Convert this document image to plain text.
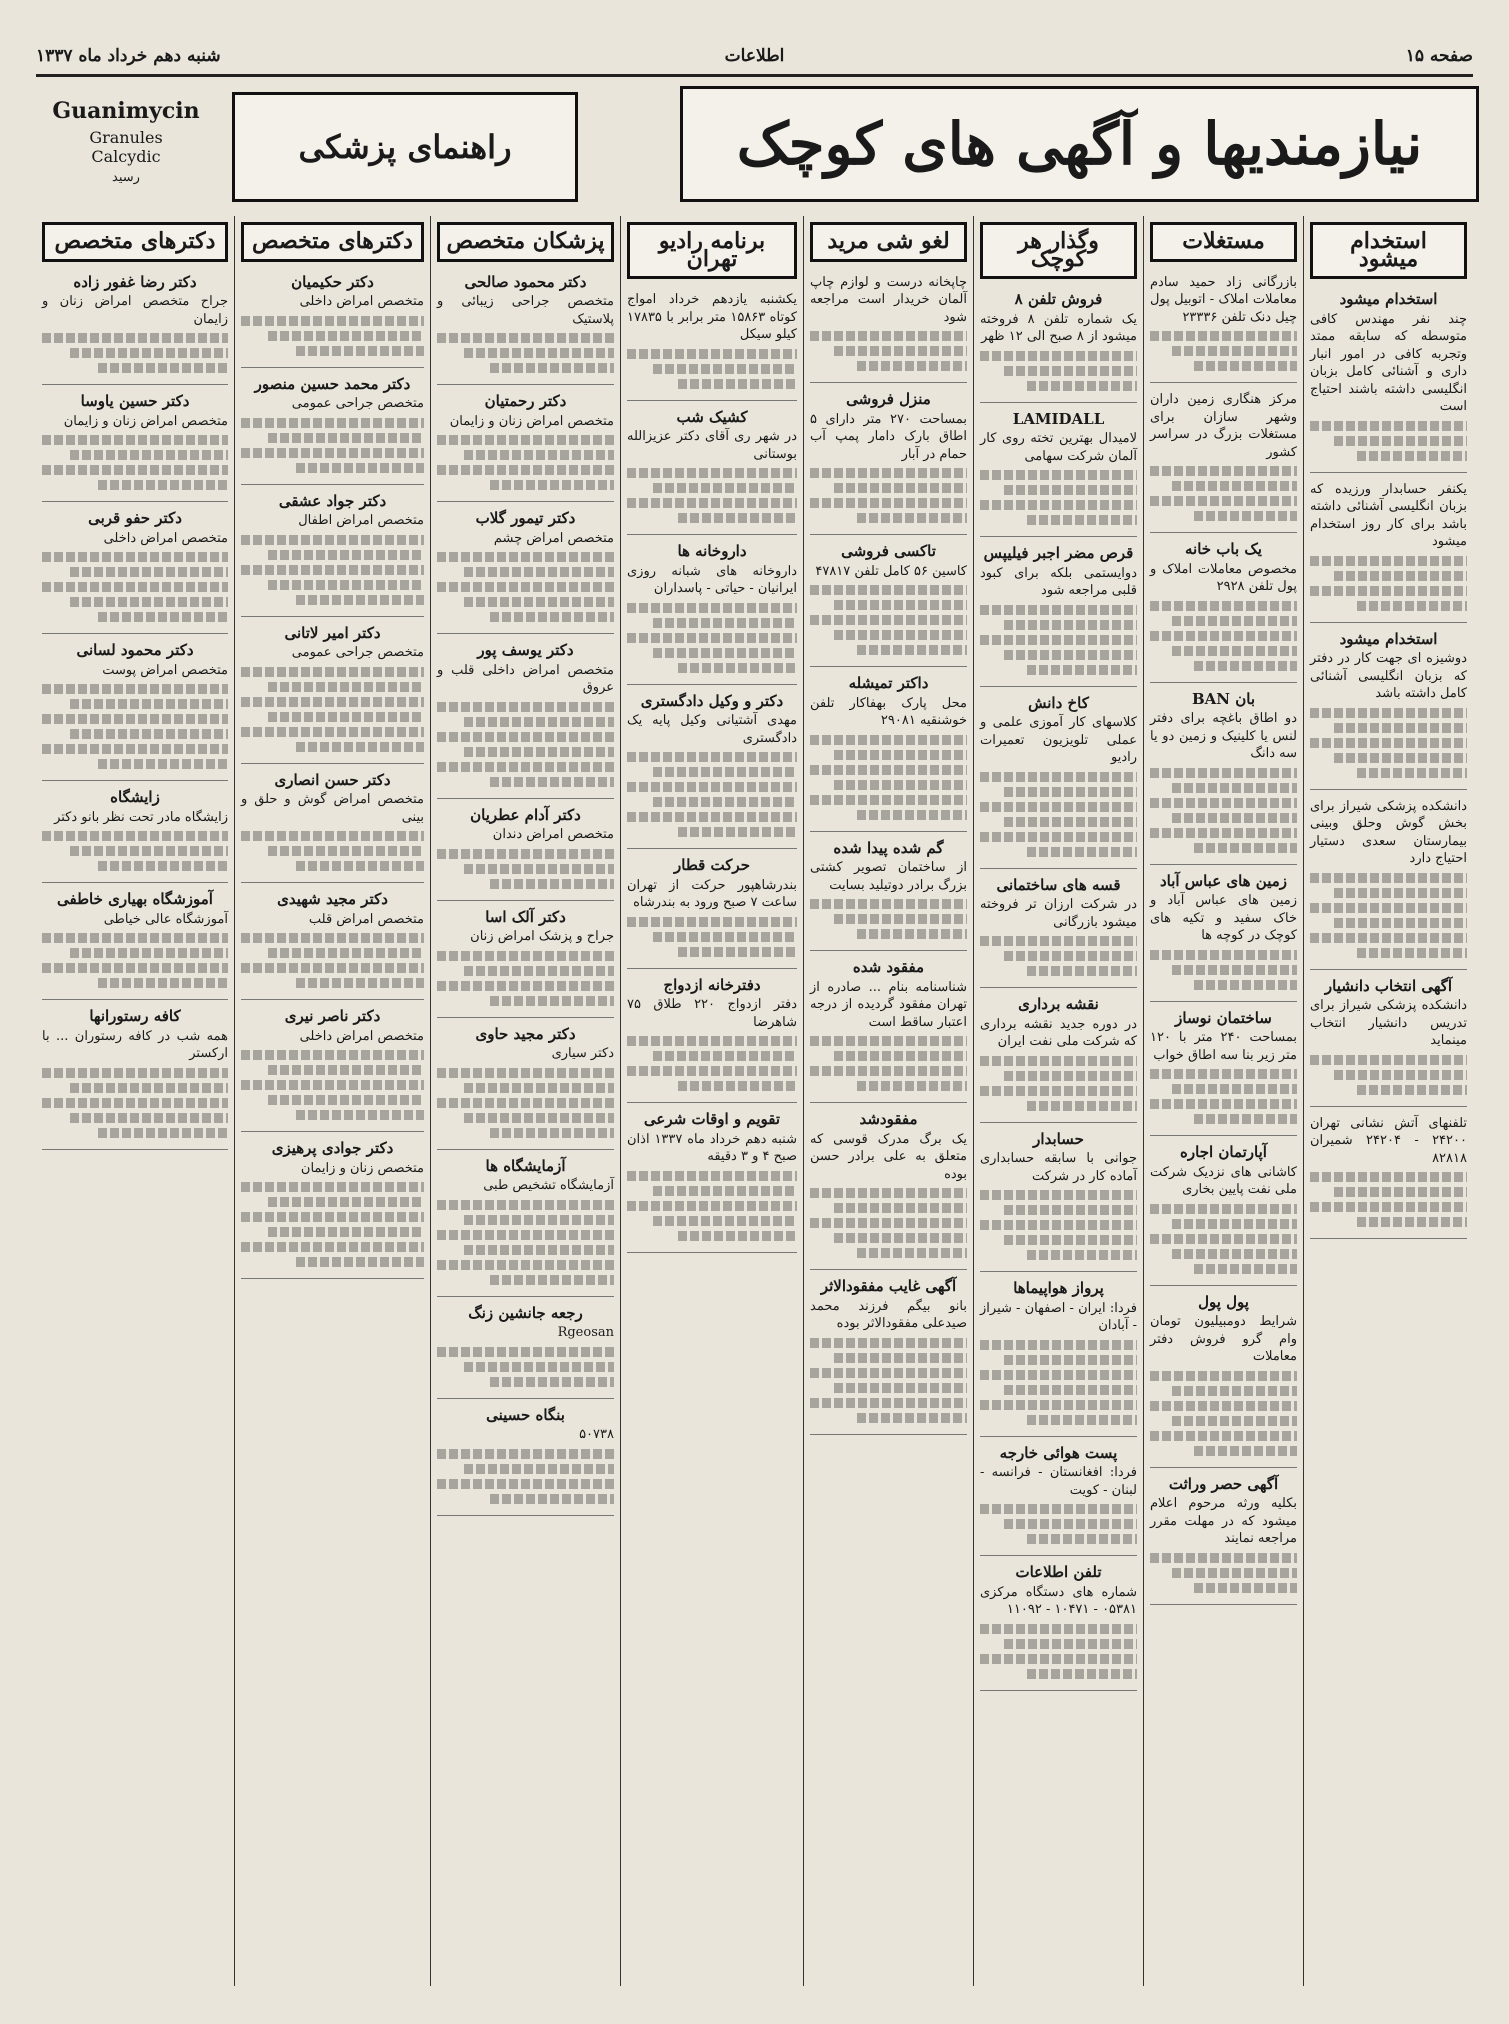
صفحه ۱۵
اطلاعات
شنبه دهم خرداد ماه ۱۳۳۷
نیازمندیها و آگهی های کوچک
راهنمای پزشکی
Guanimycin
Granules
Calcydic
رسید
استخدام میشود
استخدام میشود
چند نفر مهندس کافی متوسطه که سابقه ممتد وتجربه کافی در امور انبار داری و آشنائی کامل بزبان انگلیسی داشته باشند احتیاج است
یکنفر حسابدار ورزیده که بزبان انگلیسی آشنائی داشته باشد برای کار روز استخدام میشود
استخدام میشود
دوشیزه ای جهت کار در دفتر که بزبان انگلیسی آشنائی کامل داشته باشد
دانشکده پزشکی شیراز برای بخش گوش وحلق وبینی بیمارستان سعدی دستیار احتیاج دارد
آگهی انتخاب دانشیار
دانشکده پزشکی شیراز برای تدریس دانشیار انتخاب مینماید
تلفنهای آتش نشانی تهران ۲۴۲۰۰ - ۲۴۲۰۴ شمیران ۸۲۸۱۸
مستغلات
بازرگانی زاد حمید سادم معاملات املاک - اتوبیل پول چیل دنک تلفن ۲۳۳۳۶
مرکز هنگاری زمین داران وشهر سازان برای مستغلات بزرگ در سراسر کشور
یک باب خانه
مخصوص معاملات املاک و پول تلفن ۲۹۲۸
بان BAN
دو اطاق باغچه برای دفتر لنس یا کلینیک و زمین دو یا سه دانگ
زمین های عباس آباد
زمین های عباس آباد و خاک سفید و تکیه های کوچک در کوچه ها
ساختمان نوساز
بمساحت ۲۴۰ متر با ۱۲۰ متر زیر بنا سه اطاق خواب
آپارتمان اجاره
کاشانی های نزدیک شرکت ملی نفت پایین بخاری
پول پول
شرایط دومبیلیون تومان وام گرو فروش دفتر معاملات
آگهی حصر وراثت
بکلیه ورثه مرحوم اعلام میشود که در مهلت مقرر مراجعه نمایند
وگذار هر کوچک
فروش تلفن ۸
یک شماره تلفن ۸ فروخته میشود از ۸ صبح الی ۱۲ ظهر
LAMIDALL
لامیدال بهترین تخته روی کار آلمان شرکت سهامی
قرص مضر اجبر فیلیپس
دوایستمی بلکه برای کبود قلبی مراجعه شود
کاخ دانش
کلاسهای کار آموزی علمی و عملی تلویزیون تعمیرات رادیو
قسه های ساختمانی
در شرکت ارزان تر فروخته میشود بازرگانی
نقشه برداری
در دوره جدید نقشه برداری که شرکت ملی نفت ایران
حسابدار
جوانی با سابقه حسابداری آماده کار در شرکت
پرواز هواپیماها
فردا: ایران - اصفهان - شیراز - آبادان
پست هوائی خارجه
فردا: افغانستان - فرانسه - لبنان - کویت
تلفن اطلاعات
شماره های دستگاه مرکزی ۰۵۳۸۱ - ۱۰۴۷۱ - ۱۱۰۹۲
لغو شی مرید
چاپخانه درست و لوازم چاپ آلمان خریدار است مراجعه شود
منزل فروشی
بمساحت ۲۷۰ متر دارای ۵ اطاق بارک دامار پمپ آب حمام در آبار
تاکسی فروشی
کاسین ۵۶ کامل تلفن ۴۷۸۱۷
داکتر تمیشله
محل پارک بهفاکار تلفن خوشنقیه ۲۹۰۸۱
گم شده پیدا شده
از ساختمان تصویر کشتی بزرگ برادر دوتیلید بسایت
مفقود شده
شناسنامه بنام ... صادره از تهران مفقود گردیده از درجه اعتبار ساقط است
مفقودشد
یک برگ مدرک قوسی که متعلق به علی برادر حسن بوده
آگهی غایب مفقودالاثر
بانو بیگم فرزند محمد صیدعلی مفقودالاثر بوده
برنامه رادیو تهران
یکشنبه یازدهم خرداد امواج کوتاه ۱۵۸۶۳ متر برابر با ۱۷۸۳۵ کیلو سیکل
کشیک شب
در شهر ری آقای دکتر عزیزالله بوستانی
داروخانه ها
داروخانه های شبانه روزی ایرانیان - حیاتی - پاسداران
دکتر و وکیل دادگستری
مهدی آشتیانی وکیل پایه یک دادگستری
حرکت قطار
بندرشاهپور حرکت از تهران ساعت ۷ صبح ورود به بندرشاه
دفترخانه ازدواج
دفتر ازدواج ۲۲۰ طلاق ۷۵ شاهرضا
تقویم و اوقات شرعی
شنبه دهم خرداد ماه ۱۳۳۷ اذان صبح ۴ و ۳ دقیقه
پزشکان متخصص
دکتر محمود صالحی
متخصص جراحی زیبائی و پلاستیک
دکتر رحمتیان
متخصص امراض زنان و زایمان
دکتر تیمور گلاب
متخصص امراض چشم
دکتر یوسف پور
متخصص امراض داخلی قلب و عروق
دکتر آدام عطریان
متخصص امراض دندان
دکتر آلک اسا
جراح و پزشک امراض زنان
دکتر مجید حاوی
دکتر سیاری
آزمایشگاه ها
آزمایشگاه تشخیص طبی
رجعه جانشین زنگ
Rgeosan
بنگاه حسینی
۵۰۷۳۸
دکترهای متخصص
دکتر حکیمیان
متخصص امراض داخلی
دکتر محمد حسین منصور
متخصص جراحی عمومی
دکتر جواد عشقی
متخصص امراض اطفال
دکتر امیر لاتانی
متخصص جراحی عمومی
دکتر حسن انصاری
متخصص امراض گوش و حلق و بینی
دکتر مجید شهیدی
متخصص امراض قلب
دکتر ناصر نیری
متخصص امراض داخلی
دکتر جوادی پرهیزی
متخصص زنان و زایمان
دکترهای متخصص
دکتر رضا غفور زاده
جراح متخصص امراض زنان و زایمان
دکتر حسین یاوسا
متخصص امراض زنان و زایمان
دکتر حفو قربی
متخصص امراض داخلی
دکتر محمود لسانی
متخصص امراض پوست
زایشگاه
زایشگاه مادر تحت نظر بانو دکتر
آموزشگاه بهیاری خاطفی
آموزشگاه عالی خیاطی
کافه رستورانها
همه شب در کافه رستوران ... با ارکستر
